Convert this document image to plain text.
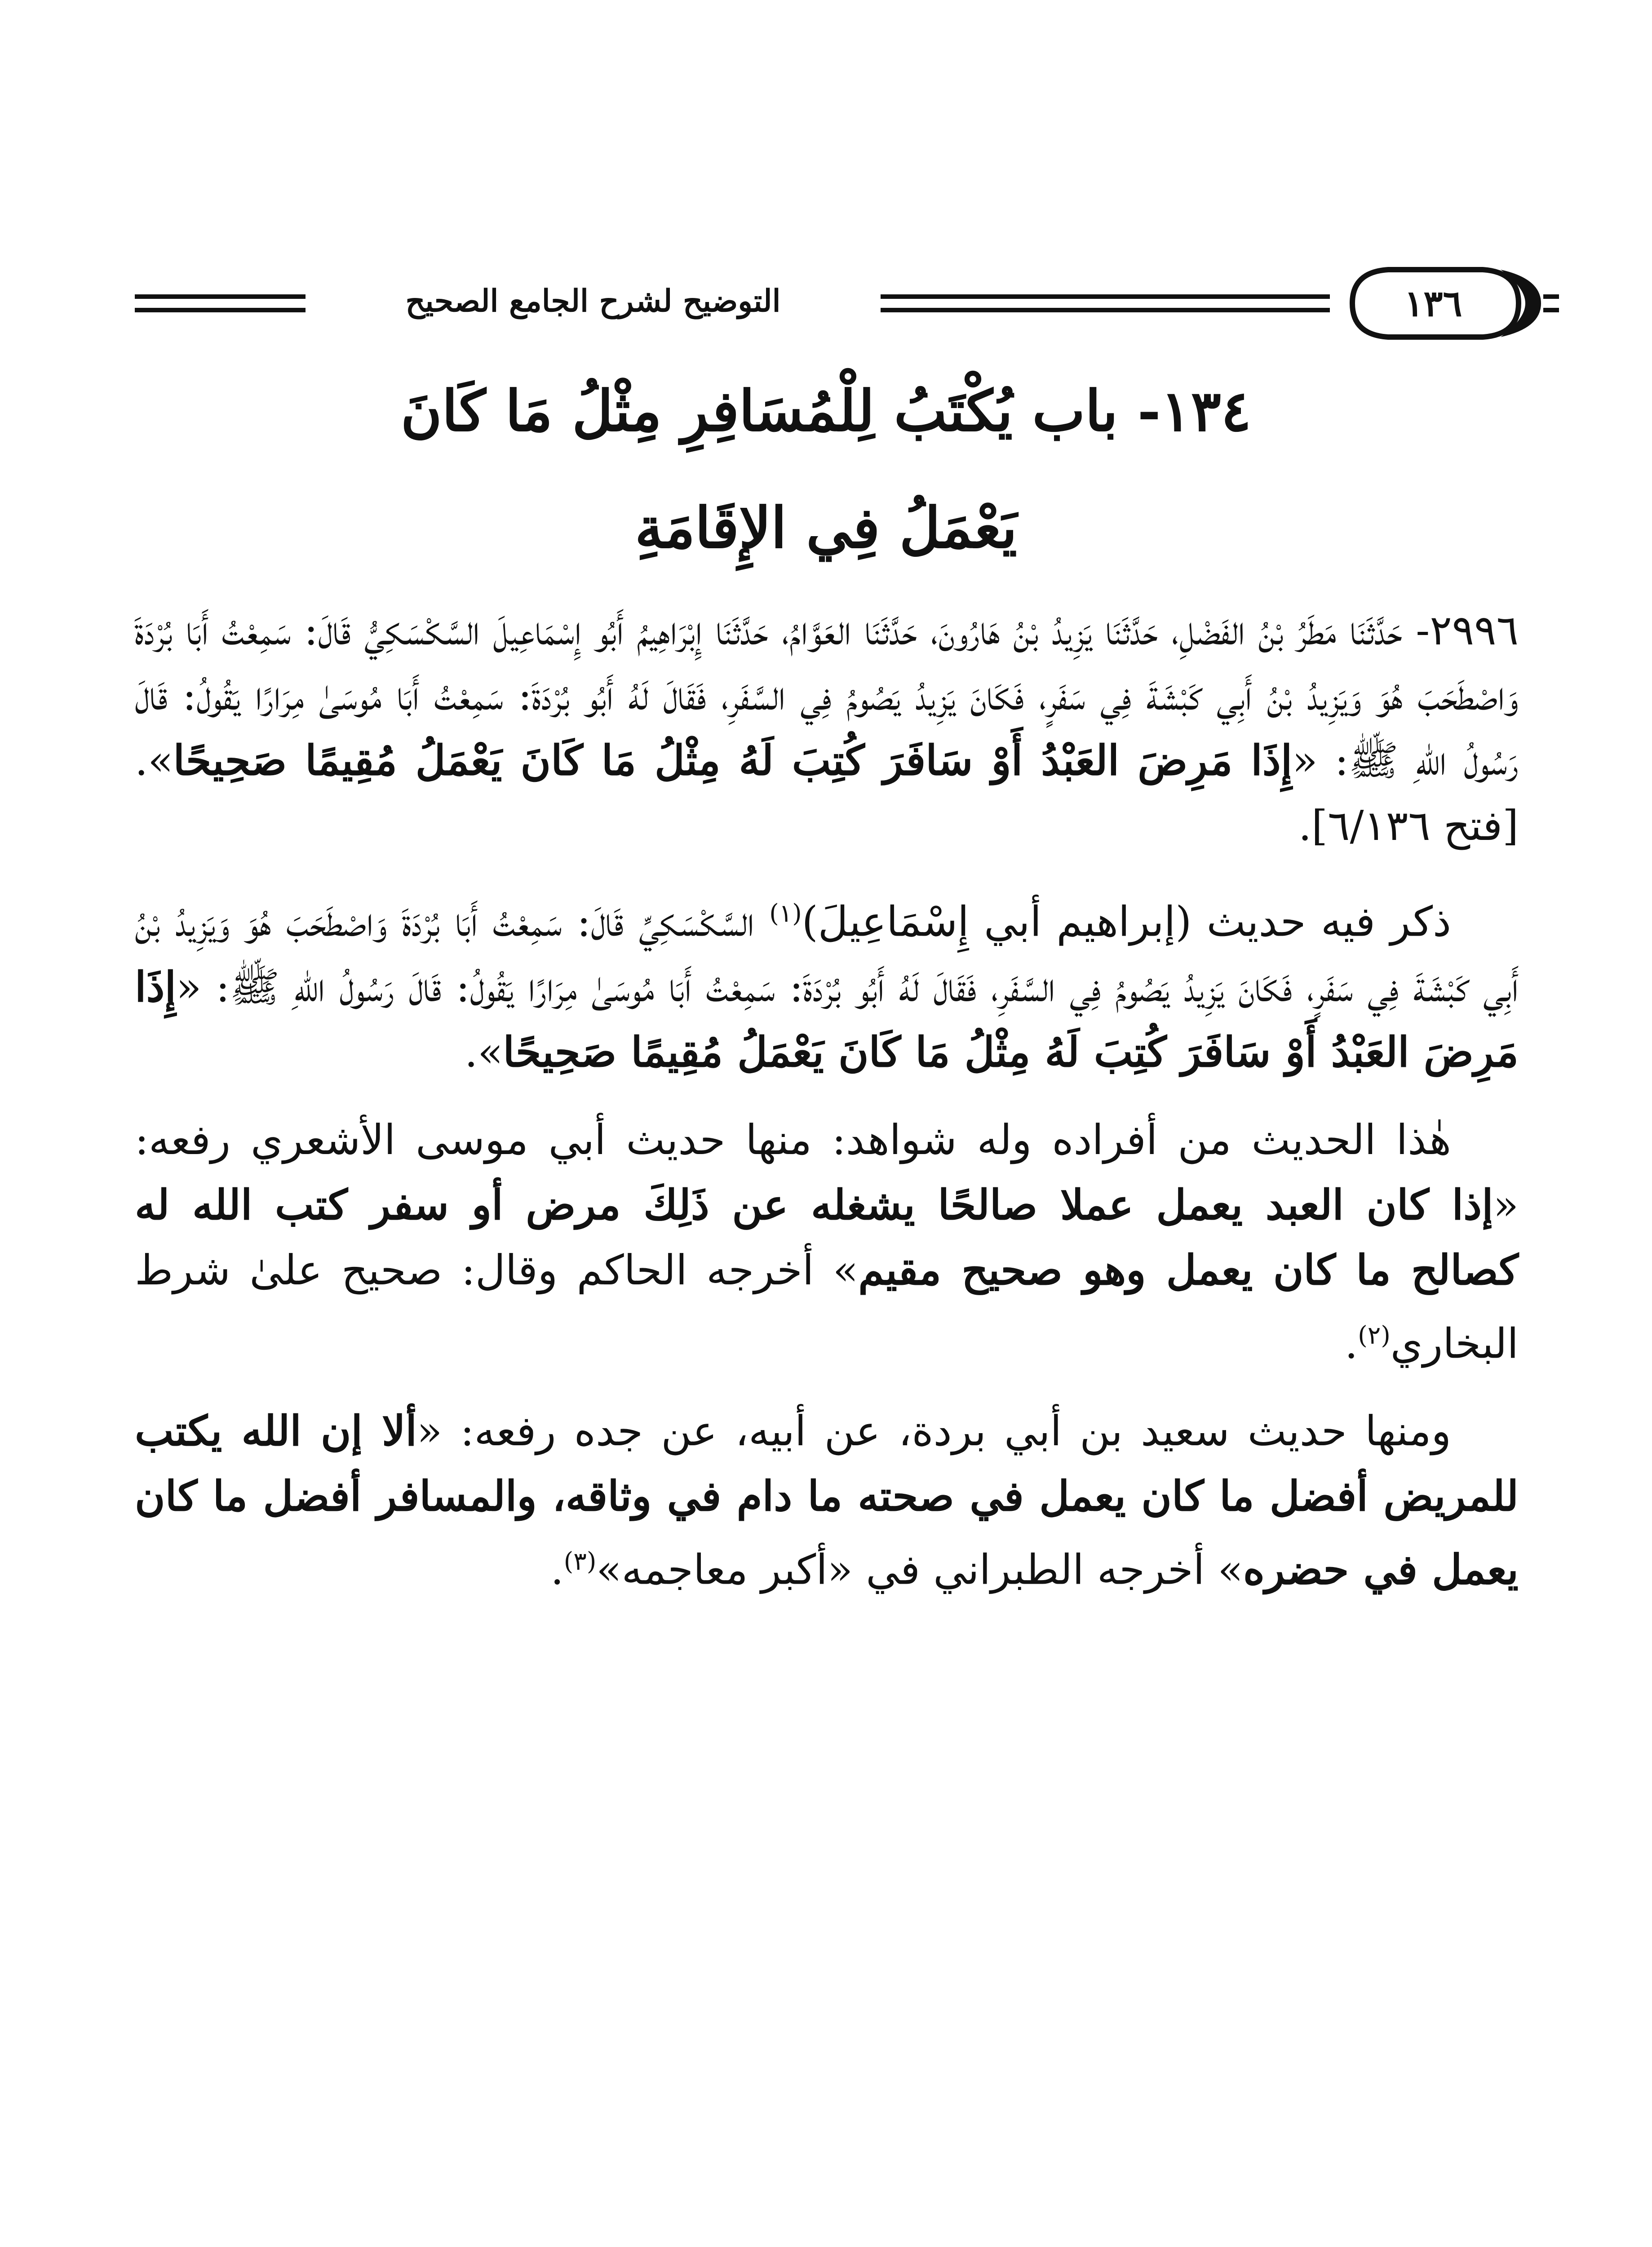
التوضيح لشرح الجامع الصحيح	١٣٦
١٣٤- باب يُكْتَبُ لِلْمُسَافِرِ مِثْلُ مَا كَانَ
يَعْمَلُ فِي الإِقَامَةِ

٢٩٩٦- حَدَّثَنَا مَطَرُ بْنُ الفَضْلِ، حَدَّثَنَا يَزِيدُ بْنُ هَارُونَ، حَدَّثَنَا العَوَّامُ، حَدَّثَنَا إِبْرَاهِيمُ أَبُو إِسْمَاعِيلَ السَّكْسَكِيُّ قَالَ: سَمِعْتُ أَبَا بُرْدَةَ وَاصْطَحَبَ هُوَ وَيَزِيدُ بْنُ أَبِي كَبْشَةَ فِي سَفَرٍ، فَكَانَ يَزِيدُ يَصُومُ فِي السَّفَرِ، فَقَالَ لَهُ أَبُو بُرْدَةَ: سَمِعْتُ أَبَا مُوسَىٰ مِرَارًا يَقُولُ: قَالَ رَسُولُ اللهِ ﷺ: «إِذَا مَرِضَ العَبْدُ أَوْ سَافَرَ كُتِبَ لَهُ مِثْلُ مَا كَانَ يَعْمَلُ مُقِيمًا صَحِيحًا». [فتح ٦/١٣٦].

ذكر فيه حديث (إبراهيم أبي إِسْمَاعِيلَ)$^{(١)}$ السَّكْسَكِيِّ قَالَ: سَمِعْتُ أَبَا بُرْدَةَ وَاصْطَحَبَ هُوَ وَيَزِيدُ بْنُ أَبِي كَبْشَةَ فِي سَفَرٍ، فَكَانَ يَزِيدُ يَصُومُ فِي السَّفَرِ، فَقَالَ لَهُ أَبُو بُرْدَةَ: سَمِعْتُ أَبَا مُوسَىٰ مِرَارًا يَقُولُ: قَالَ رَسُولُ اللهِ ﷺ: «إِذَا مَرِضَ العَبْدُ أَوْ سَافَرَ كُتِبَ لَهُ مِثْلُ مَا كَانَ يَعْمَلُ مُقِيمًا صَحِيحًا».

هٰذا الحديث من أفراده وله شواهد: منها حديث أبي موسى الأشعري رفعه: «إذا كان العبد يعمل عملا صالحًا يشغله عن ذَلِكَ مرض أو سفر كتب الله له كصالح ما كان يعمل وهو صحيح مقيم» أخرجه الحاكم وقال: صحيح علىٰ شرط البخاري$^{(٢)}$.

ومنها حديث سعيد بن أبي بردة، عن أبيه، عن جده رفعه: «ألا إن الله يكتب للمريض أفضل ما كان يعمل في صحته ما دام في وثاقه، والمسافر أفضل ما كان يعمل في حضره» أخرجه الطبراني في «أكبر معاجمه»$^{(٣)}$.
